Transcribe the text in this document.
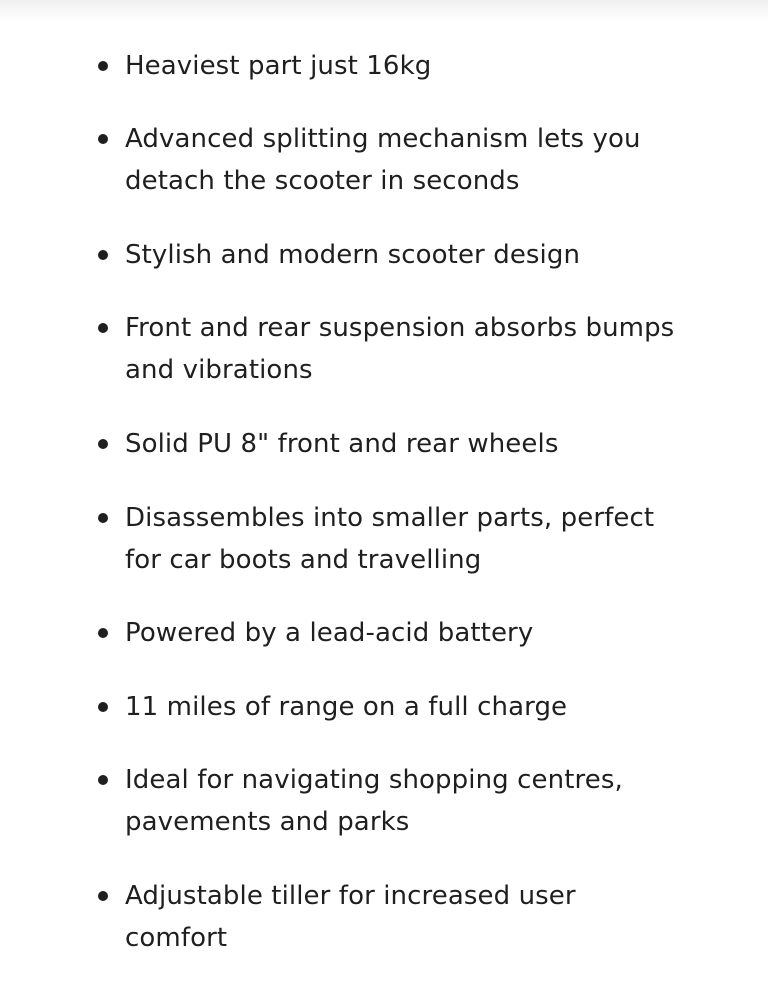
Heaviest part just 16kg
Advanced splitting mechanism lets you
detach the scooter in seconds
Stylish and modern scooter design
Front and rear suspension absorbs bumps
and vibrations
Solid PU 8" front and rear wheels
Disassembles into smaller parts, perfect
for car boots and travelling
Powered by a lead-acid battery
11 miles of range on a full charge
Ideal for navigating shopping centres,
pavements and parks
Adjustable tiller for increased user
comfort
